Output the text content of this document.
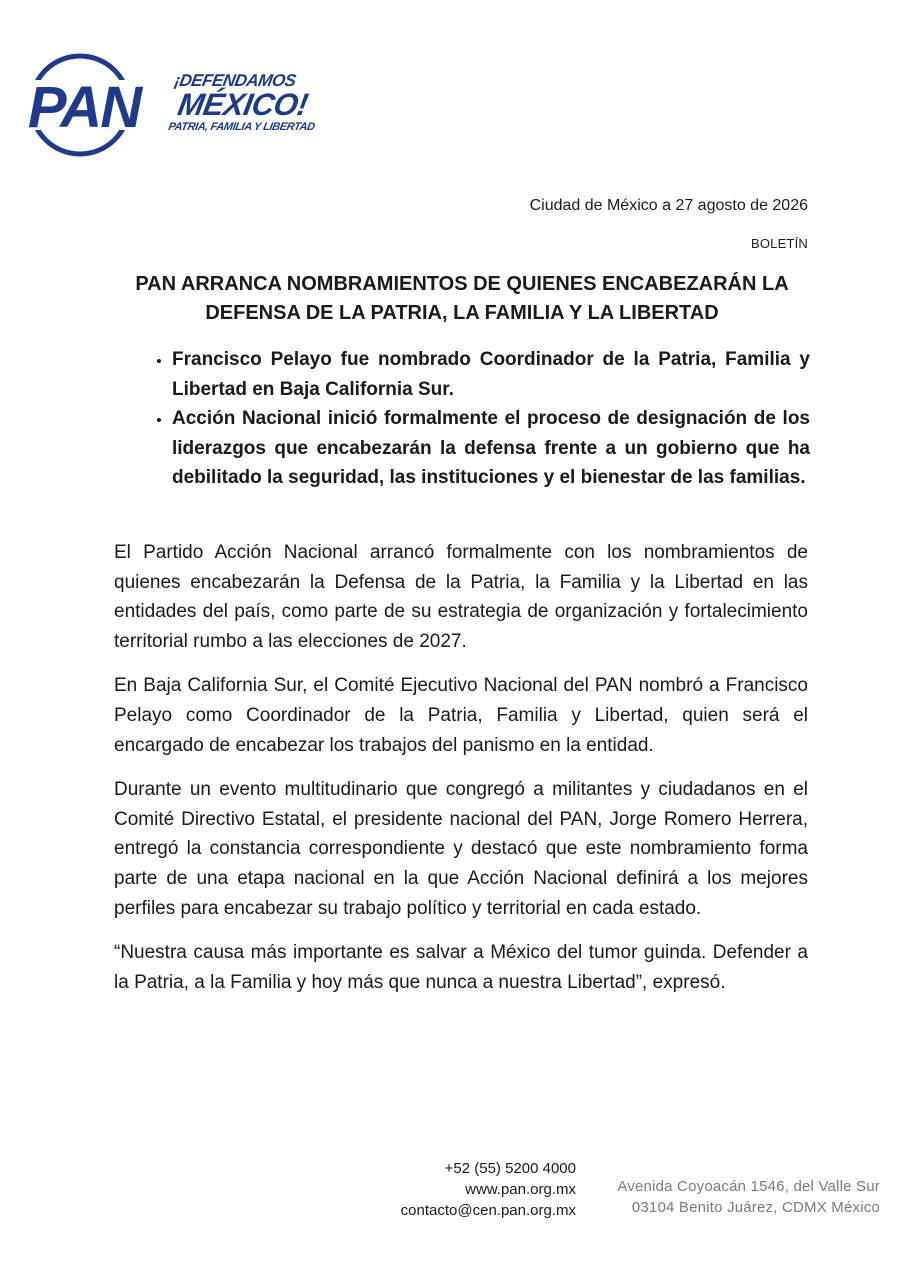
PAN ¡DEFENDAMOS
MÉXICO!
PATRIA, FAMILIA Y LIBERTAD
Ciudad de México a 27 agosto de 2026
BOLETÍN
PAN ARRANCA NOMBRAMIENTOS DE QUIENES ENCABEZARÁN LA
DEFENSA DE LA PATRIA, LA FAMILIA Y LA LIBERTAD
• Francisco Pelayo fue nombrado Coordinador de la Patria, Familia y Libertad en Baja California Sur.
• Acción Nacional inició formalmente el proceso de designación de los liderazgos que encabezarán la defensa frente a un gobierno que ha debilitado la seguridad, las instituciones y el bienestar de las familias.

El Partido Acción Nacional arrancó formalmente con los nombramientos de quienes encabezarán la Defensa de la Patria, la Familia y la Libertad en las entidades del país, como parte de su estrategia de organización y fortalecimiento territorial rumbo a las elecciones de 2027.

En Baja California Sur, el Comité Ejecutivo Nacional del PAN nombró a Francisco Pelayo como Coordinador de la Patria, Familia y Libertad, quien será el encargado de encabezar los trabajos del panismo en la entidad.

Durante un evento multitudinario que congregó a militantes y ciudadanos en el Comité Directivo Estatal, el presidente nacional del PAN, Jorge Romero Herrera, entregó la constancia correspondiente y destacó que este nombramiento forma parte de una etapa nacional en la que Acción Nacional definirá a los mejores perfiles para encabezar su trabajo político y territorial en cada estado.

“Nuestra causa más importante es salvar a México del tumor guinda. Defender a la Patria, a la Familia y hoy más que nunca a nuestra Libertad”, expresó.

+52 (55) 5200 4000
www.pan.org.mx
contacto@cen.pan.org.mx
Avenida Coyoacán 1546, del Valle Sur
03104 Benito Juárez, CDMX México
